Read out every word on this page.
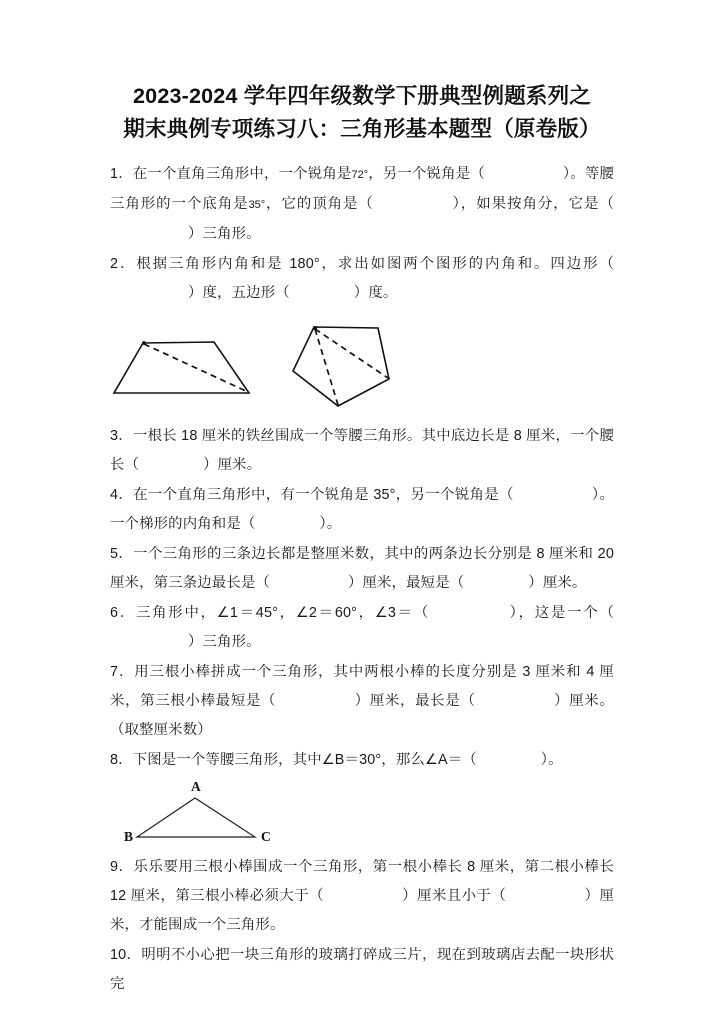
2023-2024 学年四年级数学下册典型例题系列之
期末典例专项练习八：三角形基本题型（原卷版）

1．在一个直角三角形中，一个锐角是72°，另一个锐角是（	）。等腰三角形的一个底角是35°，它的顶角是（	），如果按角分，它是（）三角形。

2．根据三角形内角和是 180°，求出如图两个图形的内角和。四边形（）度，五边形（	）度。

3．一根长 18 厘米的铁丝围成一个等腰三角形。其中底边长是 8 厘米，一个腰长（	）厘米。

4．在一个直角三角形中，有一个锐角是 35°，另一个锐角是（	）。一个梯形的内角和是（	）。

5．一个三角形的三条边长都是整厘米数，其中的两条边长分别是 8 厘米和 20 厘米，第三条边最长是（	）厘米，最短是（	）厘米。

6．三角形中，∠1＝45°，∠2＝60°，∠3＝（	），这是一个（）三角形。

7．用三根小棒拼成一个三角形，其中两根小棒的长度分别是 3 厘米和 4 厘米，第三根小棒最短是（	）厘米，最长是（	）厘米。（取整厘米数）

8．下图是一个等腰三角形，其中∠B＝30°，那么∠A＝（	）。

A
B	C

9．乐乐要用三根小棒围成一个三角形，第一根小棒长 8 厘米，第二根小棒长 12 厘米，第三根小棒必须大于（	）厘米且小于（	）厘米，才能围成一个三角形。

10．明明不小心把一块三角形的玻璃打碎成三片，现在到玻璃店去配一块形状完
